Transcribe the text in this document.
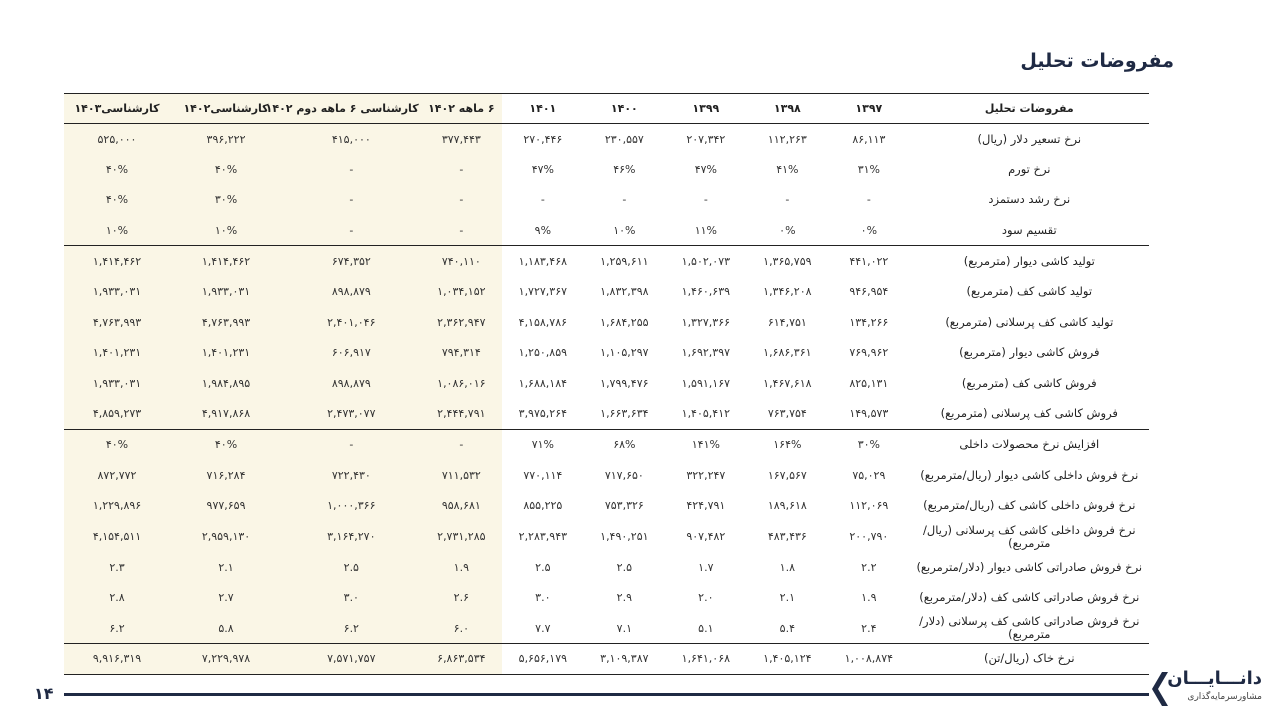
مفروضات تحلیل
مفروضات تحلیل	۱۳۹۷	۱۳۹۸	۱۳۹۹	۱۴۰۰	۱۴۰۱	۶ ماهه ۱۴۰۲	کارشناسی ۶ ماهه دوم ۱۴۰۲	کارشناسی۱۴۰۲	کارشناسی۱۴۰۳
نرخ تسعیر دلار (ریال)	۸۶,۱۱۳	۱۱۲,۲۶۳	۲۰۷,۳۴۲	۲۳۰,۵۵۷	۲۷۰,۴۴۶	۳۷۷,۴۴۳	۴۱۵,۰۰۰	۳۹۶,۲۲۲	۵۲۵,۰۰۰
نرخ تورم	۳۱%	۴۱%	۴۷%	۴۶%	۴۷%	-	-	۴۰%	۴۰%
نرخ رشد دستمزد	-	-	-	-	-	-	-	۳۰%	۴۰%
تقسیم سود	۰%	۰%	۱۱%	۱۰%	۹%	-	-	۱۰%	۱۰%
تولید کاشی دیوار (مترمربع)	۴۴۱,۰۲۲	۱,۳۶۵,۷۵۹	۱,۵۰۲,۰۷۳	۱,۲۵۹,۶۱۱	۱,۱۸۳,۴۶۸	۷۴۰,۱۱۰	۶۷۴,۳۵۲	۱,۴۱۴,۴۶۲	۱,۴۱۴,۴۶۲
تولید کاشی کف (مترمربع)	۹۴۶,۹۵۴	۱,۳۴۶,۲۰۸	۱,۴۶۰,۶۳۹	۱,۸۳۲,۳۹۸	۱,۷۲۷,۳۶۷	۱,۰۳۴,۱۵۲	۸۹۸,۸۷۹	۱,۹۳۳,۰۳۱	۱,۹۳۳,۰۳۱
تولید کاشی کف پرسلانی (مترمربع)	۱۳۴,۲۶۶	۶۱۴,۷۵۱	۱,۳۲۷,۳۶۶	۱,۶۸۴,۲۵۵	۴,۱۵۸,۷۸۶	۲,۳۶۲,۹۴۷	۲,۴۰۱,۰۴۶	۴,۷۶۳,۹۹۳	۴,۷۶۳,۹۹۳
فروش کاشی دیوار (مترمربع)	۷۶۹,۹۶۲	۱,۶۸۶,۳۶۱	۱,۶۹۲,۳۹۷	۱,۱۰۵,۲۹۷	۱,۲۵۰,۸۵۹	۷۹۴,۳۱۴	۶۰۶,۹۱۷	۱,۴۰۱,۲۳۱	۱,۴۰۱,۲۳۱
فروش کاشی کف (مترمربع)	۸۲۵,۱۳۱	۱,۴۶۷,۶۱۸	۱,۵۹۱,۱۶۷	۱,۷۹۹,۴۷۶	۱,۶۸۸,۱۸۴	۱,۰۸۶,۰۱۶	۸۹۸,۸۷۹	۱,۹۸۴,۸۹۵	۱,۹۳۳,۰۳۱
فروش کاشی کف پرسلانی (مترمربع)	۱۴۹,۵۷۳	۷۶۳,۷۵۴	۱,۴۰۵,۴۱۲	۱,۶۶۳,۶۳۴	۳,۹۷۵,۲۶۴	۲,۴۴۴,۷۹۱	۲,۴۷۳,۰۷۷	۴,۹۱۷,۸۶۸	۴,۸۵۹,۲۷۳
افزایش نرخ محصولات داخلی	۳۰%	۱۶۴%	۱۴۱%	۶۸%	۷۱%	-	-	۴۰%	۴۰%
نرخ فروش داخلی کاشی دیوار (ریال/مترمربع)	۷۵,۰۲۹	۱۶۷,۵۶۷	۳۲۲,۲۴۷	۷۱۷,۶۵۰	۷۷۰,۱۱۴	۷۱۱,۵۳۲	۷۲۲,۴۳۰	۷۱۶,۲۸۴	۸۷۲,۷۷۲
نرخ فروش داخلی کاشی کف (ریال/مترمربع)	۱۱۲,۰۶۹	۱۸۹,۶۱۸	۴۲۴,۷۹۱	۷۵۳,۳۲۶	۸۵۵,۲۲۵	۹۵۸,۶۸۱	۱,۰۰۰,۳۶۶	۹۷۷,۶۵۹	۱,۲۲۹,۸۹۶
نرخ فروش داخلی کاشی کف پرسلانی (ریال/مترمربع)	۲۰۰,۷۹۰	۴۸۳,۴۳۶	۹۰۷,۴۸۲	۱,۴۹۰,۲۵۱	۲,۲۸۳,۹۴۳	۲,۷۳۱,۲۸۵	۳,۱۶۴,۲۷۰	۲,۹۵۹,۱۳۰	۴,۱۵۴,۵۱۱
نرخ فروش صادراتی کاشی دیوار (دلار/مترمربع)	۲.۲	۱.۸	۱.۷	۲.۵	۲.۵	۱.۹	۲.۵	۲.۱	۲.۳
نرخ فروش صادراتی کاشی کف (دلار/مترمربع)	۱.۹	۲.۱	۲.۰	۲.۹	۳.۰	۲.۶	۳.۰	۲.۷	۲.۸
نرخ فروش صادراتی کاشی کف پرسلانی (دلار/مترمربع)	۲.۴	۵.۴	۵.۱	۷.۱	۷.۷	۶.۰	۶.۲	۵.۸	۶.۲
نرخ خاک (ریال/تن)	۱,۰۰۸,۸۷۴	۱,۴۰۵,۱۲۴	۱,۶۴۱,۰۶۸	۳,۱۰۹,۳۸۷	۵,۶۵۶,۱۷۹	۶,۸۶۳,۵۳۴	۷,۵۷۱,۷۵۷	۷,۲۲۹,۹۷۸	۹,۹۱۶,۳۱۹
۱۴
دانـــایـــان
مشاورسرمایه‌گذاری
